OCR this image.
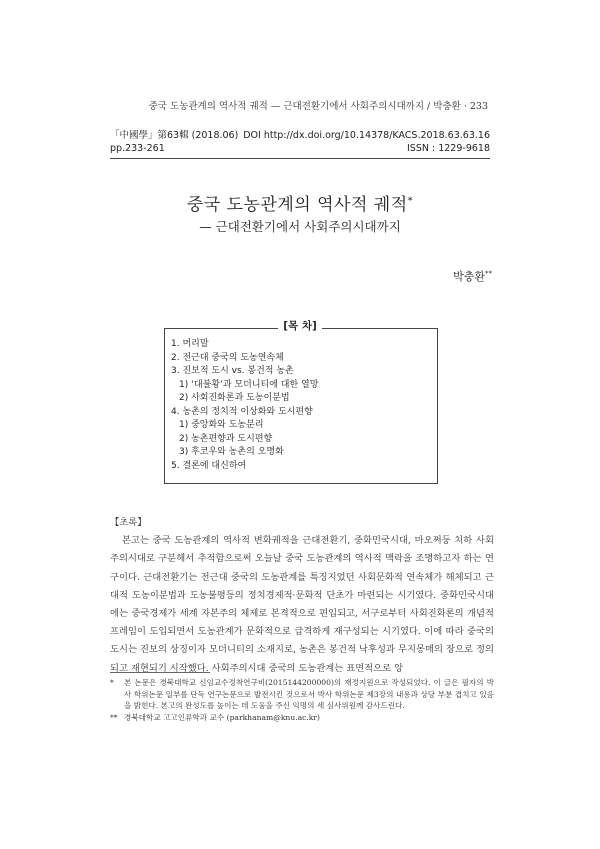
중국 도농관계의 역사적 궤적 — 근대전환기에서 사회주의시대까지 / 박충환 · 233
「中國學」第63輯 (2018.06) DOI http://dx.doi.org/10.14378/KACS.2018.63.63.16
pp.233-261	ISSN : 1229-9618
중국 도농관계의 역사적 궤적*
— 근대전환기에서 사회주의시대까지
박충환**
[목 차]
1. 머리말
2. 전근대 중국의 도농연속체
3. 진보적 도시 vs. 봉건적 농촌
1) ‘대불황’과 모더니티에 대한 열망
2) 사회진화론과 도농이분법
4. 농촌의 정치적 이상화와 도시편향
1) 중앙화와 도농분리
2) 농촌편향과 도시편향
3) 후코우와 농촌의 오명화
5. 결론에 대신하여
【초록】

본고는 중국 도농관계의 역사적 변화궤적을 근대전환기, 중화민국시대, 마오쩌둥 치하 사회주의시대로 구분해서 추적함으로써 오늘날 중국 도농관계의 역사적 맥락을 조명하고자 하는 연구이다. 근대전환기는 전근대 중국의 도농관계를 특징지었던 사회문화적 연속체가 해체되고 근대적 도농이분법과 도농불평등의 정치경제적·문화적 단초가 마련되는 시기였다. 중화민국시대에는 중국경제가 세계 자본주의 체제로 본격적으로 편입되고, 서구로부터 사회진화론의 개념적 프레임이 도입되면서 도농관계가 문화적으로 급격하게 재구성되는 시기였다. 이에 따라 중국의 도시는 진보의 상징이자 모더니티의 소재지로, 농촌은 봉건적 낙후성과 무지몽매의 장으로 정의되고 재현되기 시작했다. 사회주의시대 중국의 도농관계는 표면적으로 앙

*	본 논문은 경북대학교 신임교수정착연구비(2015144200000)의 재정지원으로 작성되었다. 이 글은 필자의 박사 학위논문 일부를 단독 연구논문으로 발전시킨 것으로서 박사 학위논문 제3장의 내용과 상당 부분 겹치고 있음을 밝힌다. 본고의 완성도를 높이는 데 도움을 주신 익명의 세 심사위원께 감사드린다.
** 경북대학교 고고인류학과 교수 (parkhanam@knu.ac.kr)
